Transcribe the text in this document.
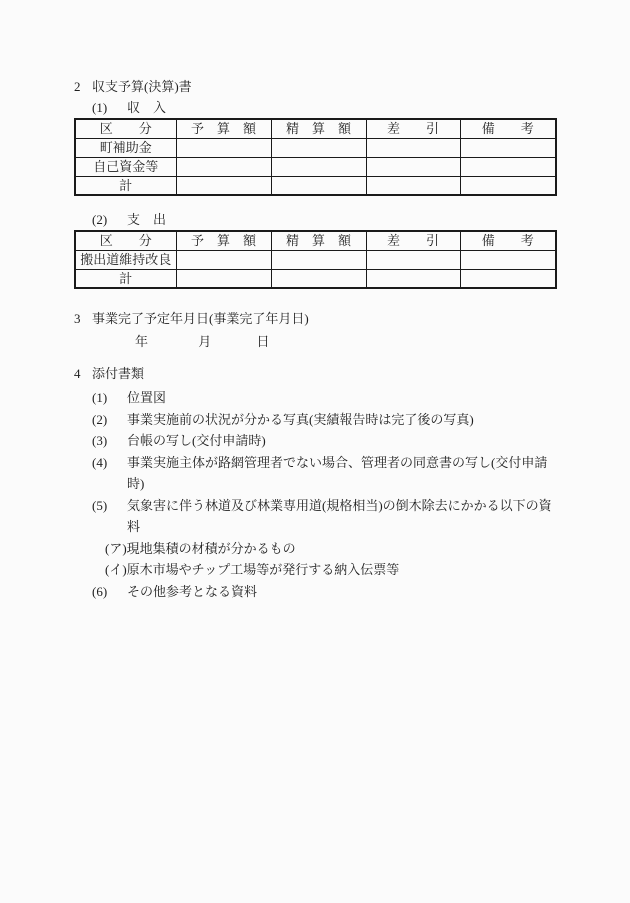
2 収支予算(決算)書
(1)	収　入
区　　分	予　算　額	精　算　額	差　　引	備　　考
町補助金				
自己資金等				
計				
(2)	支　出
区　　分	予　算　額	精　算　額	差　　引	備　　考
搬出道維持改良				
計				
3 事業完了予定年月日(事業完了年月日)
年	月	日
4 添付書類
(1)	位置図
(2)	事業実施前の状況が分かる写真(実績報告時は完了後の写真)
(3)	台帳の写し(交付申請時)
(4)	事業実施主体が路網管理者でない場合、管理者の同意書の写し(交付申請時)
(5)	気象害に伴う林道及び林業専用道(規格相当)の倒木除去にかかる以下の資料
(ア)現地集積の材積が分かるもの
(イ)原木市場やチップ工場等が発行する納入伝票等
(6)	その他参考となる資料
